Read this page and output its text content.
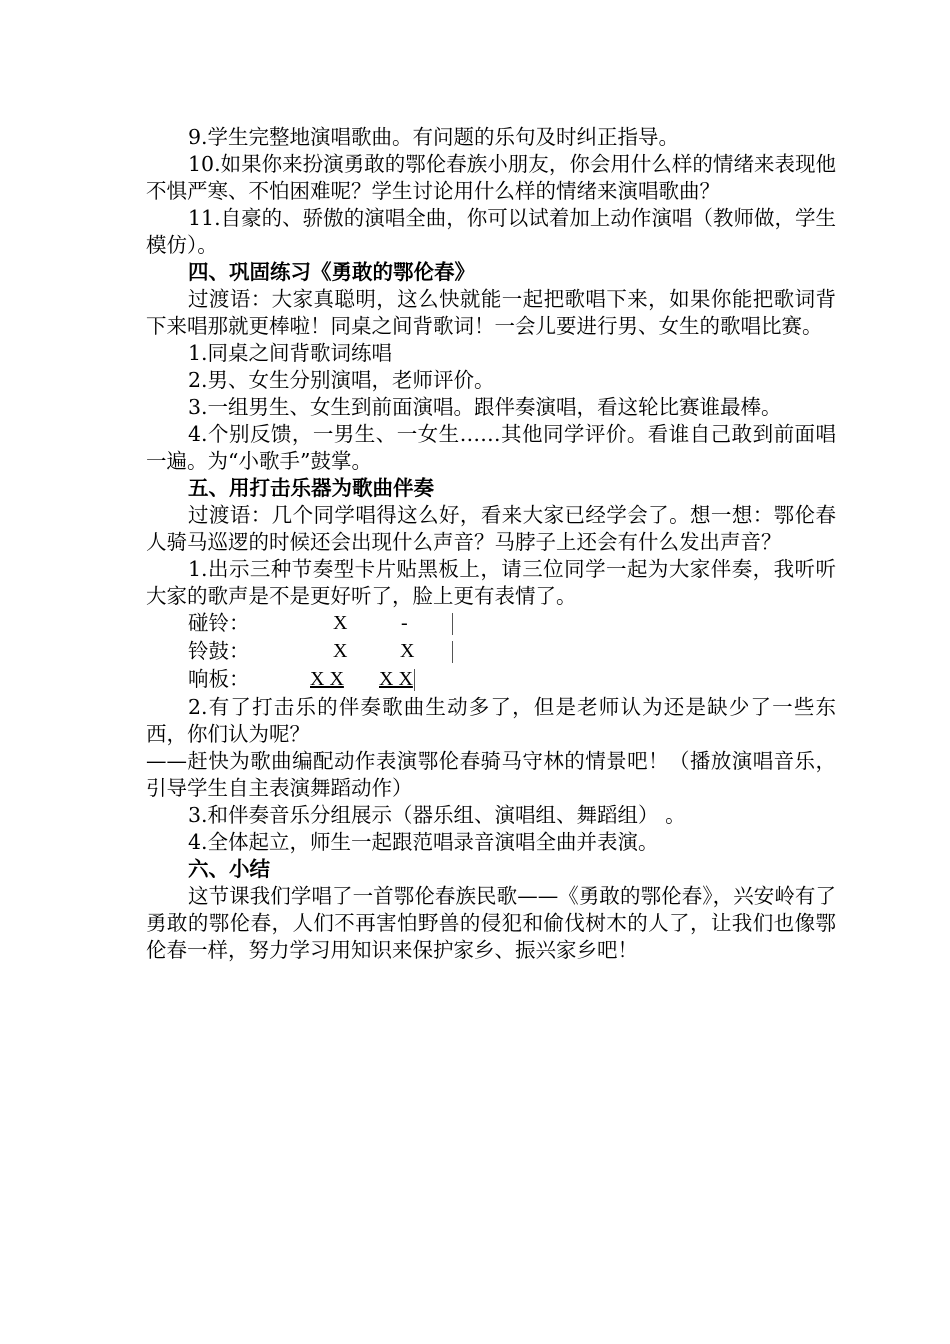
9.学生完整地演唱歌曲。有问题的乐句及时纠正指导。

10.如果你来扮演勇敢的鄂伦春族小朋友，你会用什么样的情绪来表现他不惧严寒、不怕困难呢？学生讨论用什么样的情绪来演唱歌曲？

11.自豪的、骄傲的演唱全曲，你可以试着加上动作演唱（教师做，学生模仿）。

四、巩固练习《勇敢的鄂伦春》

过渡语：大家真聪明，这么快就能一起把歌唱下来，如果你能把歌词背下来唱那就更棒啦！同桌之间背歌词！一会儿要进行男、女生的歌唱比赛。

1.同桌之间背歌词练唱

2.男、女生分别演唱，老师评价。

3.一组男生、女生到前面演唱。跟伴奏演唱，看这轮比赛谁最棒。

4.个别反馈，一男生、一女生……其他同学评价。看谁自己敢到前面唱一遍。为“小歌手”鼓掌。

五、用打击乐器为歌曲伴奏

过渡语：几个同学唱得这么好，看来大家已经学会了。想一想：鄂伦春人骑马巡逻的时候还会出现什么声音？马脖子上还会有什么发出声音？

1.出示三种节奏型卡片贴黑板上，请三位同学一起为大家伴奏，我听听大家的歌声是不是更好听了，脸上更有表情了。

碰铃：	X	-
铃鼓：	X	X
响板：	X X X X

2.有了打击乐的伴奏歌曲生动多了，但是老师认为还是缺少了一些东西，你们认为呢？

——赶快为歌曲编配动作表演鄂伦春骑马守林的情景吧！（播放演唱音乐，引导学生自主表演舞蹈动作）

3.和伴奏音乐分组展示（器乐组、演唱组、舞蹈组） 。

4.全体起立，师生一起跟范唱录音演唱全曲并表演。

六、小结

这节课我们学唱了一首鄂伦春族民歌——《勇敢的鄂伦春》，兴安岭有了勇敢的鄂伦春，人们不再害怕野兽的侵犯和偷伐树木的人了，让我们也像鄂伦春一样，努力学习用知识来保护家乡、振兴家乡吧！
